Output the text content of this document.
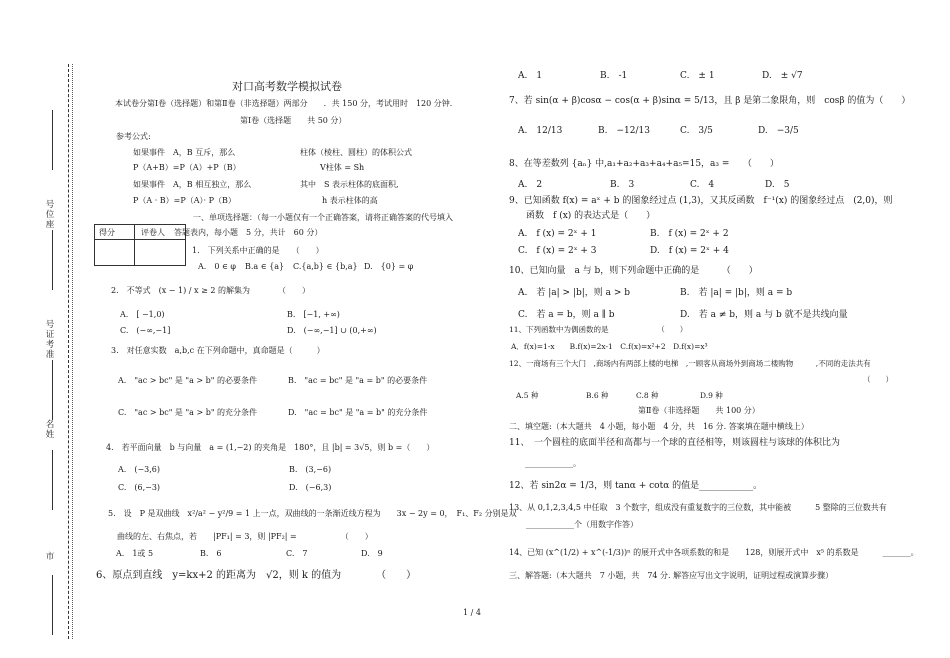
号位座
号证考准
名姓
市
对口高考数学模拟试卷
本试卷分第Ⅰ卷（选择题）和第Ⅱ卷（非选择题）两部分　　．共 150 分，考试用时　120 分钟．
第Ⅰ卷（选择题　　共 50 分）
参考公式:
如果事件　A，B 互斥，那么
P（A+B）=P（A）+P（B）
如果事件　A，B 相互独立，那么
P（A · B）=P（A）· P（B）
柱体（棱柱、圆柱）的体积公式
V柱体 = Sh
其中　S 表示柱体的底面积,
h 表示柱体的高
得分	评卷人
一、单项选择题：（每一小题仅有一个正确答案，请将正确答案的代号填入
答题表内，每小题　5 分，共计　60 分）
1.　下列关系中正确的是　　（　　）
A.　0 ∈ φ B.a ∈ {a} C.{a,b} ∈ {b,a} D.　{0} = φ
2.　不等式　(x − 1) / x ≥ 2 的解集为　　　　（　　）
A.　[ −1,0)	B.　[−1, +∞)
C.　(−∞,−1]	D.　(−∞,−1] ∪ (0,+∞)
3.　对任意实数　a,b,c 在下列命题中，真命题是（　　　）
A.　"ac > bc" 是 "a > b" 的必要条件	B.　"ac = bc" 是 "a = b" 的必要条件
C.　"ac > bc" 是 "a > b" 的充分条件	D.　"ac = bc" 是 "a = b" 的充分条件
4.　若平面向量　b 与向量　a = (1,−2) 的夹角是　180°，且 |b| = 3√5，则 b =（　　）
A.　(−3,6)	B.　(3,−6)
C.　(6,−3)	D.　(−6,3)
5.　设　P 是双曲线　x²/a² − y²/9 = 1 上一点，双曲线的一条渐近线方程为　　3x − 2y = 0，　F₁、F₂ 分别是双
曲线的左、右焦点，若　　|PF₁| = 3，则 |PF₂| =　　　　　　（　　）
A.　1或 5	B.　6	C.　7	D.　9
6、原点到直线　y=kx+2 的距离为　√2，则 k 的值为　　　　（　　）
A.　1	B.　-1	C.　± 1	D.　± √7
7、若 sin(α + β)cosα − cos(α + β)sinα = 5/13，且 β 是第二象限角，则　cosβ 的值为（　　）
A.　12/13	B.　−12/13	C.　3/5	D.　−3/5
8、在等差数列 {aₙ} 中,a₁+a₂+a₃+a₄+a₅=15，a₃ =　　（　　）
A.　2	B.　3	C.　4	D.　5
9、已知函数 f(x) = aˣ + b 的图象经过点 (1,3)，又其反函数　f⁻¹(x) 的图象经过点　(2,0)，则
函数　f (x) 的表达式是（　　）
A.　f (x) = 2ˣ + 1	B.　f (x) = 2ˣ + 2
C.　f (x) = 2ˣ + 3	D.　f (x) = 2ˣ + 4
10、已知向量　a 与 b，则下列命题中正确的是　　　（　　）
A.　若 |a| > |b|，则 a > b	B.　若 |a| = |b|，则 a = b
C.　若 a = b，则 a ∥ b	D.　若 a ≠ b，则 a 与 b 就不是共线向量
11、下列函数中为偶函数的是　　　　　　　（　　）
A．f(x)=1-x　　B.f(x)=2x-1　C.f(x)=x²+2　D.f(x)=x³
12、一商场有三个大门　,商场内有两部上楼的电梯　,一顾客从商场外到商场二楼购物　　　,不同的走法共有
（　　）
A.5 种	B.6 种	C.8 种	D.9 种
第Ⅱ卷（非选择题　　共 100 分）
二、填空题:（本大题共　4 小题，每小题　4 分，共　16 分. 答案填在题中横线上）
11、　一个圆柱的底面半径和高都与一个球的直径相等，则该圆柱与该球的体积比为
____________。
12、若 sin2α = 1/3，则 tanα + cotα 的值是____________。
13、从 0,1,2,3,4,5 中任取　3 个数字，组成没有重复数字的三位数，其中能被　　　5 整除的三位数共有
____________个（用数字作答）
14、已知 (x^(1/2) + x^(-1/3))ⁿ 的展开式中各项系数的和是　　128，则展开式中　x⁵ 的系数是　　　_______。
三、解答题:（本大题共　7 小题，共　74 分. 解答应写出文字说明，证明过程或演算步骤）
1 / 4
